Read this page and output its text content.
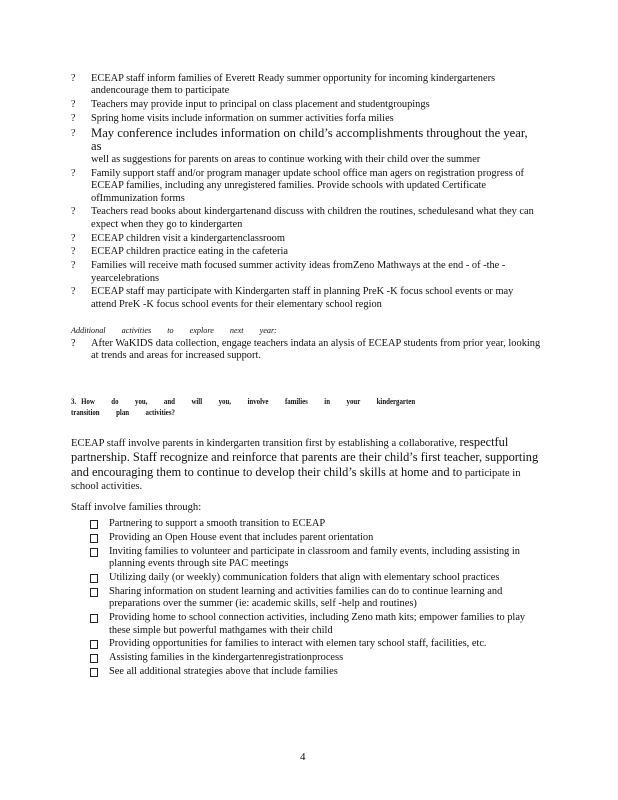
? ECEAP staff inform families of Everett Ready summer opportunity for incoming kindergarteners andencourage them to participate
? Teachers may provide input to principal on class placement and studentgroupings
? Spring home visits include information on summer activities forfa milies
? May conference includes information on child’s accomplishments throughout the year, as
well as suggestions for parents on areas to continue working with their child over the summer
? Family support staff and/or program manager update school office man agers on registration progress of ECEAP families, including any unregistered families. Provide schools with updated Certificate ofImmunization forms
? Teachers read books about kindergartenand discuss with children the routines, schedulesand what they can expect when they go to kindergarten
? ECEAP children visit a kindergartenclassroom
? ECEAP children practice eating in the cafeteria
? Families will receive math focused summer activity ideas fromZeno Mathways at the end - of -the - yearcelebrations
? ECEAP staff may participate with Kindergarten staff in planning PreK -K focus school events or may attend PreK -K focus school events for their elementary school region
Additional activities to explore next year:
? After WaKIDS data collection, engage teachers indata an alysis of ECEAP students from prior year, looking at trends and areas for increased support.
3. How do you, and will you, involve families in your kindergarten transition plan activities?
ECEAP staff involve parents in kindergarten transition first by establishing a collaborative, respectful partnership. Staff recognize and reinforce that parents are their child’s first teacher, supporting and encouraging them to continue to develop their child’s skills at home and to participate in school activities.
Staff involve families through:
Partnering to support a smooth transition to ECEAP
Providing an Open House event that includes parent orientation
Inviting families to volunteer and participate in classroom and family events, including assisting in planning events through site PAC meetings
Utilizing daily (or weekly) communication folders that align with elementary school practices
Sharing information on student learning and activities families can do to continue learning and preparations over the summer (ie: academic skills, self -help and routines)
Providing home to school connection activities, including Zeno math kits; empower families to play these simple but powerful mathgames with their child
Providing opportunities for families to interact with elemen tary school staff, facilities, etc.
Assisting families in the kindergartenregistrationprocess
See all additional strategies above that include families
4
